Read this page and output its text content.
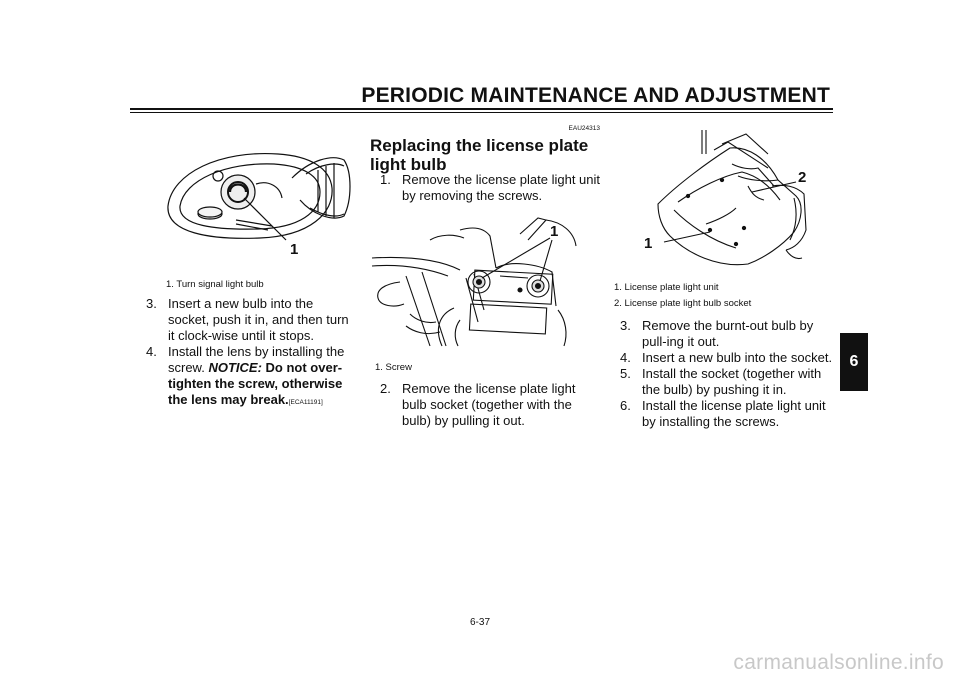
PERIODIC MAINTENANCE AND ADJUSTMENT
6
1
1. Turn signal light bulb
3. Insert a new bulb into the socket, push it in, and then turn it clock-wise until it stops.
4. Install the lens by installing the screw. NOTICE: Do not over-tighten the screw, otherwise the lens may break.[ECA11191]
EAU24313
Replacing the license plate light bulb
1. Remove the license plate light unit by removing the screws.
1
1. Screw
2. Remove the license plate light bulb socket (together with the bulb) by pulling it out.
2
1
1. License plate light unit
2. License plate light bulb socket
3. Remove the burnt-out bulb by pull-ing it out.
4. Insert a new bulb into the socket.
5. Install the socket (together with the bulb) by pushing it in.
6. Install the license plate light unit by installing the screws.
6-37
carmanualsonline.info
